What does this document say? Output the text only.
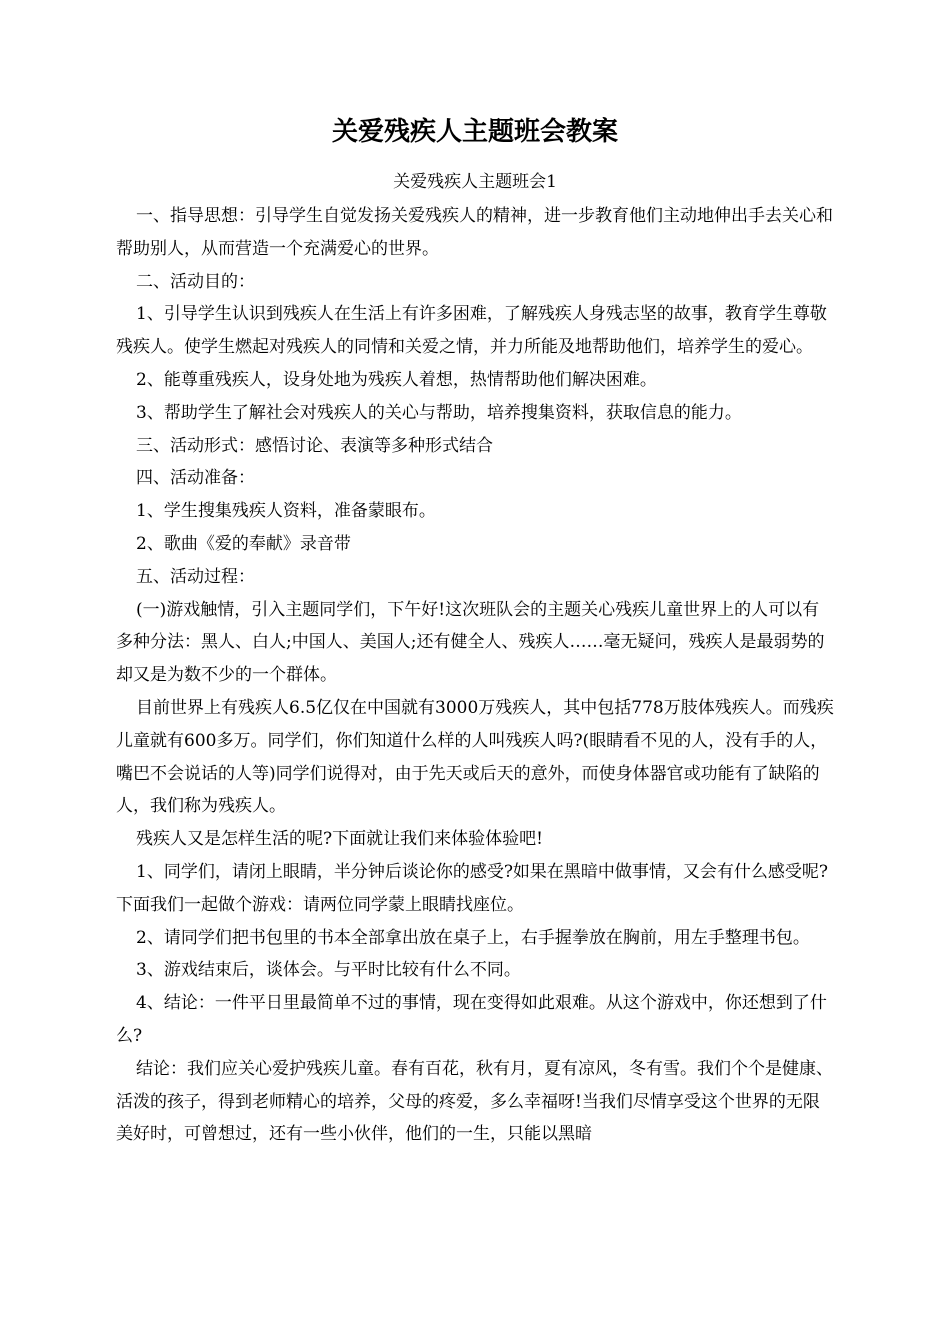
关爱残疾人主题班会教案
关爱残疾人主题班会1

一、指导思想：引导学生自觉发扬关爱残疾人的精神，进一步教育他们主动地伸出手去关心和帮助别人，从而营造一个充满爱心的世界。

二、活动目的：

1、引导学生认识到残疾人在生活上有许多困难，了解残疾人身残志坚的故事，教育学生尊敬残疾人。使学生燃起对残疾人的同情和关爱之情，并力所能及地帮助他们，培养学生的爱心。

2、能尊重残疾人，设身处地为残疾人着想，热情帮助他们解决困难。

3、帮助学生了解社会对残疾人的关心与帮助，培养搜集资料，获取信息的能力。

三、活动形式：感悟讨论、表演等多种形式结合

四、活动准备：

1、学生搜集残疾人资料，准备蒙眼布。

2、歌曲《爱的奉献》录音带

五、活动过程：

(一)游戏触情，引入主题同学们，下午好!这次班队会的主题关心残疾儿童世界上的人可以有多种分法：黑人、白人;中国人、美国人;还有健全人、残疾人……毫无疑问，残疾人是最弱势的却又是为数不少的一个群体。

目前世界上有残疾人6.5亿仅在中国就有3000万残疾人，其中包括778万肢体残疾人。而残疾儿童就有600多万。同学们，你们知道什么样的人叫残疾人吗?(眼睛看不见的人，没有手的人，嘴巴不会说话的人等)同学们说得对，由于先天或后天的意外，而使身体器官或功能有了缺陷的人，我们称为残疾人。

残疾人又是怎样生活的呢?下面就让我们来体验体验吧!

1、同学们，请闭上眼睛，半分钟后谈论你的感受?如果在黑暗中做事情，又会有什么感受呢?下面我们一起做个游戏：请两位同学蒙上眼睛找座位。

2、请同学们把书包里的书本全部拿出放在桌子上，右手握拳放在胸前，用左手整理书包。

3、游戏结束后，谈体会。与平时比较有什么不同。

4、结论：一件平日里最简单不过的事情，现在变得如此艰难。从这个游戏中，你还想到了什么?

结论：我们应关心爱护残疾儿童。春有百花，秋有月，夏有凉风，冬有雪。我们个个是健康、活泼的孩子，得到老师精心的培养，父母的疼爱，多么幸福呀!当我们尽情享受这个世界的无限美好时，可曾想过，还有一些小伙伴，他们的一生，只能以黑暗
